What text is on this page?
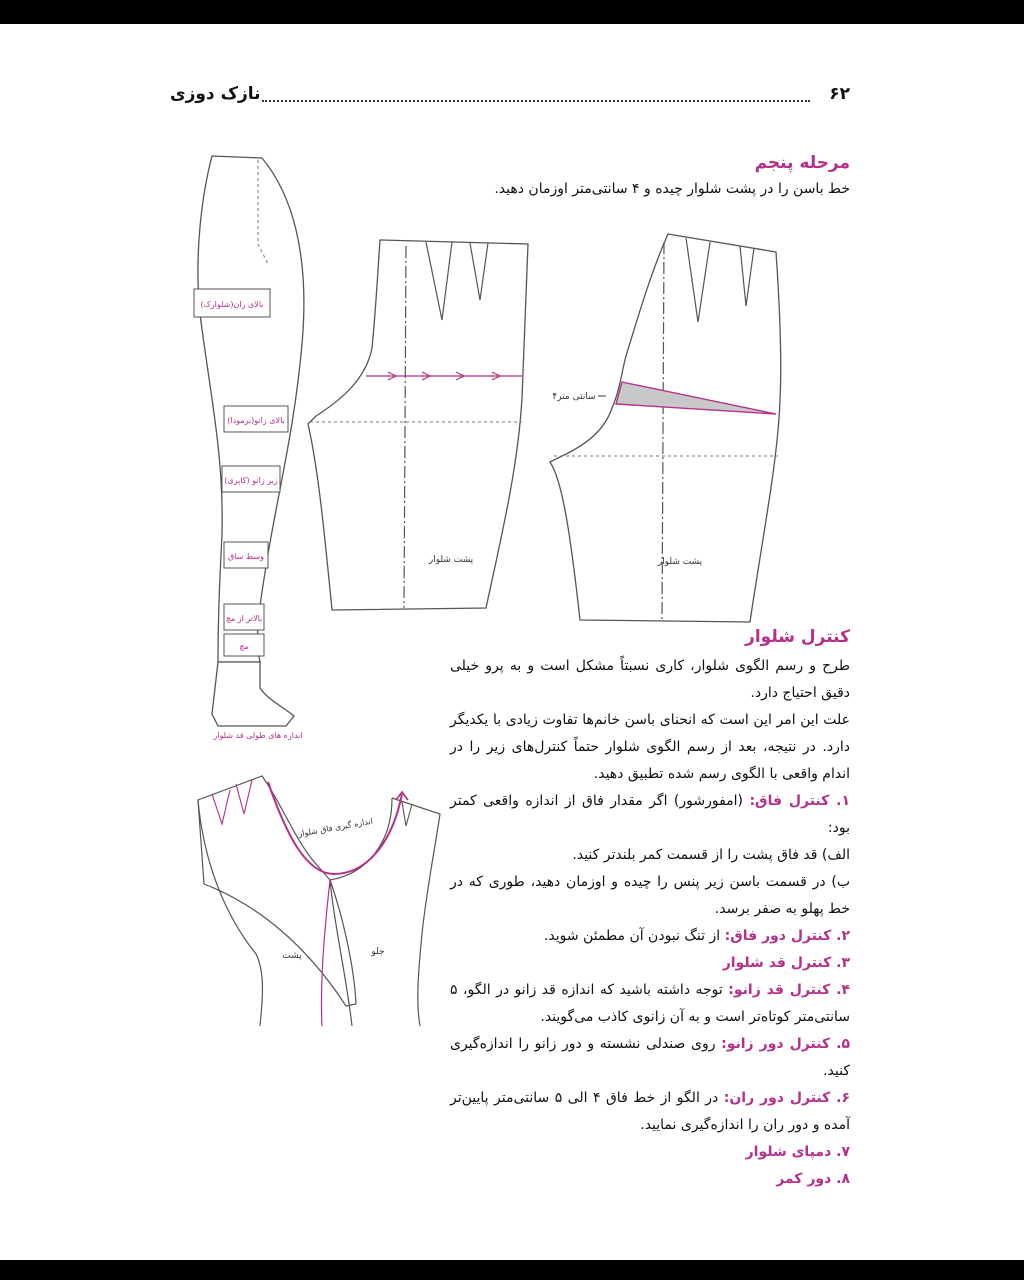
۶۲
نازک دوزی
مرحله پنجم
خط باسن را در پشت شلوار چیده و ۴ سانتی‌متر اوزمان دهید.
بالای ران(شلوارک)
بالای زانو(برمودا)
زیر زانو (کاپری)
وسط ساق
بالاتر از مچ
مچ
اندازه های طولی قد شلوار
پشت شلوار
۴سانتی متر
پشت شلوار
اندازه گیری فاق شلوار
پشت	جلو
کنترل شلوار

طرح و رسم الگوی شلوار، کاری نسبتاً مشکل است و به پرو خیلی دقیق احتیاج دارد.

علت این امر این است که انحنای باسن خانم‌ها تفاوت زیادی با یکدیگر دارد. در نتیجه، بعد از رسم الگوی شلوار حتماً کنترل‌های زیر را در اندام واقعی با الگوی رسم شده تطبیق دهید.

۱. کنترل فاق: (امفورشور) اگر مقدار فاق از اندازه واقعی کمتر بود:

الف) قد فاق پشت را از قسمت کمر بلندتر کنید.

ب) در قسمت باسن زیر پنس را چیده و اوزمان دهید، طوری که در خط پهلو به صفر برسد.

۲. کنترل دور فاق: از تنگ نبودن آن مطمئن شوید.

۳. کنترل قد شلوار

۴. کنترل قد زانو: توجه داشته باشید که اندازه قد زانو در الگو، ۵ سانتی‌متر کوتاه‌تر است و به آن زانوی کاذب می‌گویند.

۵. کنترل دور زانو: روی صندلی نشسته و دور زانو را اندازه‌گیری کنید.

۶. کنترل دور ران: در الگو از خط فاق ۴ الی ۵ سانتی‌متر پایین‌تر آمده و دور ران را اندازه‌گیری نمایید.

۷. دمپای شلوار

۸. دور کمر
